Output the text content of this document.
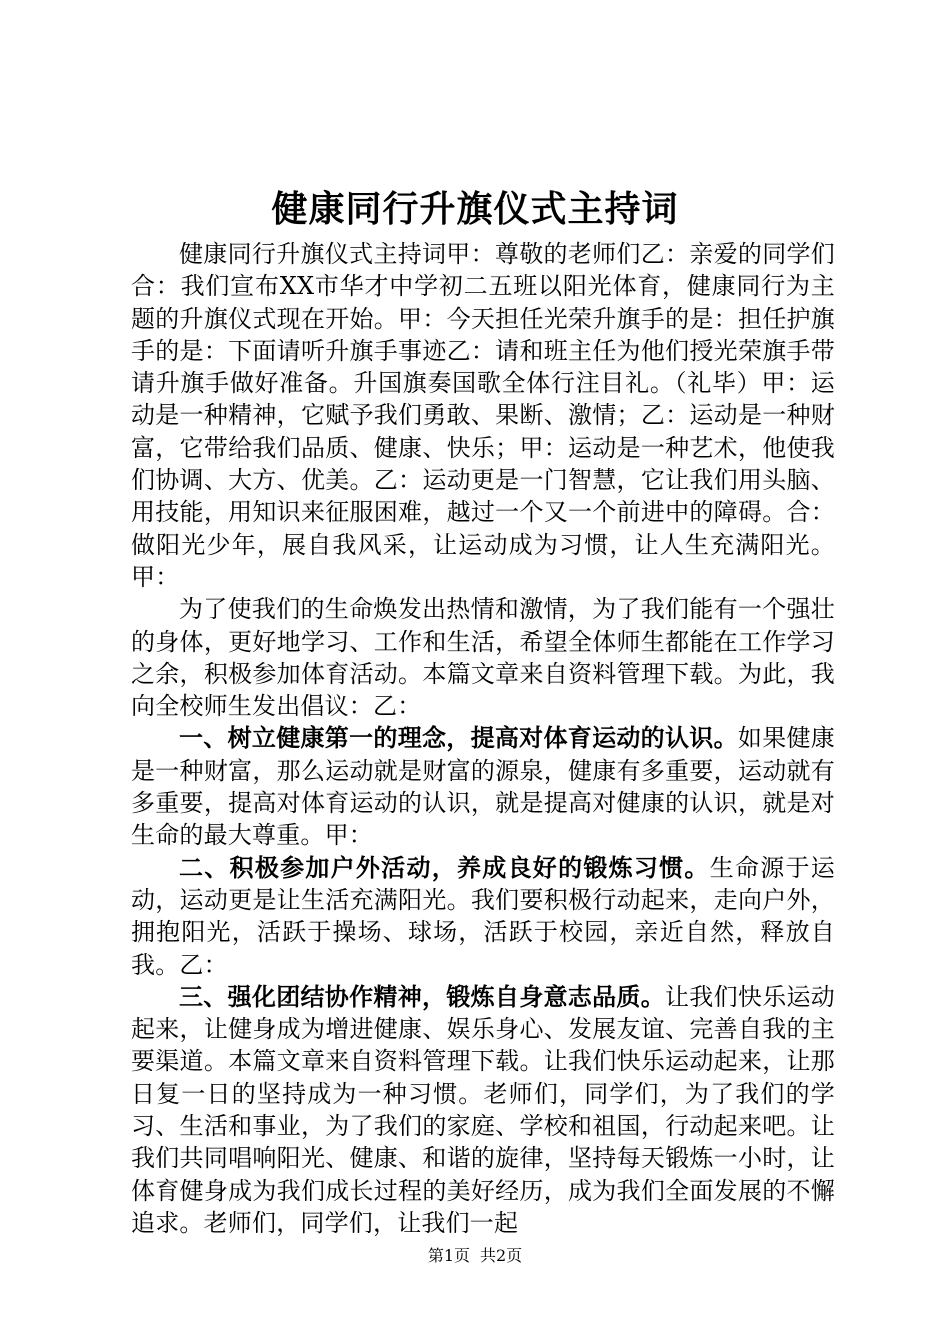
健康同行升旗仪式主持词

健康同行升旗仪式主持词甲：尊敬的老师们乙：亲爱的同学们合：我们宣布XX市华才中学初二五班以阳光体育，健康同行为主题的升旗仪式现在开始。甲：今天担任光荣升旗手的是：担任护旗手的是：下面请听升旗手事迹乙：请和班主任为他们授光荣旗手带请升旗手做好准备。升国旗奏国歌全体行注目礼。（礼毕）甲：运动是一种精神，它赋予我们勇敢、果断、激情；乙：运动是一种财富，它带给我们品质、健康、快乐；甲：运动是一种艺术，他使我们协调、大方、优美。乙：运动更是一门智慧，它让我们用头脑、用技能，用知识来征服困难，越过一个又一个前进中的障碍。合：做阳光少年，展自我风采，让运动成为习惯，让人生充满阳光。甲：

为了使我们的生命焕发出热情和激情，为了我们能有一个强壮的身体，更好地学习、工作和生活，希望全体师生都能在工作学习之余，积极参加体育活动。本篇文章来自资料管理下载。为此，我向全校师生发出倡议：乙：

一、树立健康第一的理念，提高对体育运动的认识。如果健康是一种财富，那么运动就是财富的源泉，健康有多重要，运动就有多重要，提高对体育运动的认识，就是提高对健康的认识，就是对生命的最大尊重。甲：

二、积极参加户外活动，养成良好的锻炼习惯。生命源于运动，运动更是让生活充满阳光。我们要积极行动起来，走向户外，拥抱阳光，活跃于操场、球场，活跃于校园，亲近自然，释放自我。乙：

三、强化团结协作精神，锻炼自身意志品质。让我们快乐运动起来，让健身成为增进健康、娱乐身心、发展友谊、完善自我的主要渠道。本篇文章来自资料管理下载。让我们快乐运动起来，让那日复一日的坚持成为一种习惯。老师们，同学们，为了我们的学习、生活和事业，为了我们的家庭、学校和祖国，行动起来吧。让我们共同唱响阳光、健康、和谐的旋律，坚持每天锻炼一小时，让体育健身成为我们成长过程的美好经历，成为我们全面发展的不懈追求。老师们，同学们，让我们一起

第1页 共2页
